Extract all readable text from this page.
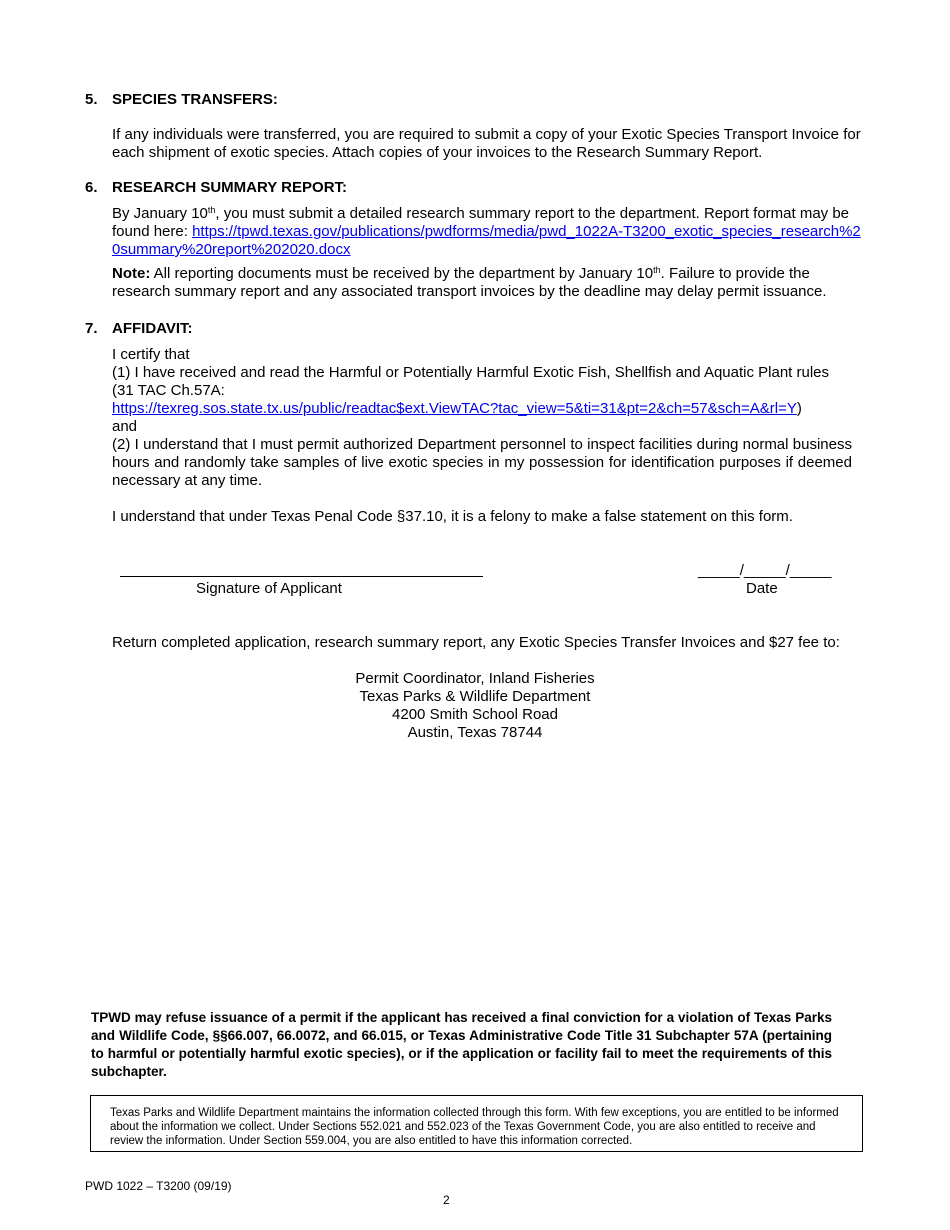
5. SPECIES TRANSFERS:
If any individuals were transferred, you are required to submit a copy of your Exotic Species Transport Invoice for each shipment of exotic species. Attach copies of your invoices to the Research Summary Report.
6. RESEARCH SUMMARY REPORT:
By January 10th, you must submit a detailed research summary report to the department. Report format may be found here: https://tpwd.texas.gov/publications/pwdforms/media/pwd_1022A-T3200_exotic_species_research%20summary%20report%202020.docx
Note: All reporting documents must be received by the department by January 10th. Failure to provide the research summary report and any associated transport invoices by the deadline may delay permit issuance.
7. AFFIDAVIT:
I certify that
(1) I have received and read the Harmful or Potentially Harmful Exotic Fish, Shellfish and Aquatic Plant rules (31 TAC Ch.57A:
https://texreg.sos.state.tx.us/public/readtac$ext.ViewTAC?tac_view=5&ti=31&pt=2&ch=57&sch=A&rl=Y)
and
(2) I understand that I must permit authorized Department personnel to inspect facilities during normal business hours and randomly take samples of live exotic species in my possession for identification purposes if deemed necessary at any time.
I understand that under Texas Penal Code §37.10, it is a felony to make a false statement on this form.
Signature of Applicant
_____/_____/_____
Date
Return completed application, research summary report, any Exotic Species Transfer Invoices and $27 fee to:
Permit Coordinator, Inland Fisheries
Texas Parks & Wildlife Department
4200 Smith School Road
Austin, Texas 78744
TPWD may refuse issuance of a permit if the applicant has received a final conviction for a violation of Texas Parks and Wildlife Code, §§66.007, 66.0072, and 66.015, or Texas Administrative Code Title 31 Subchapter 57A (pertaining to harmful or potentially harmful exotic species), or if the application or facility fail to meet the requirements of this subchapter.
Texas Parks and Wildlife Department maintains the information collected through this form. With few exceptions, you are entitled to be informed about the information we collect. Under Sections 552.021 and 552.023 of the Texas Government Code, you are also entitled to receive and review the information. Under Section 559.004, you are also entitled to have this information corrected.
PWD 1022 – T3200 (09/19)
2
